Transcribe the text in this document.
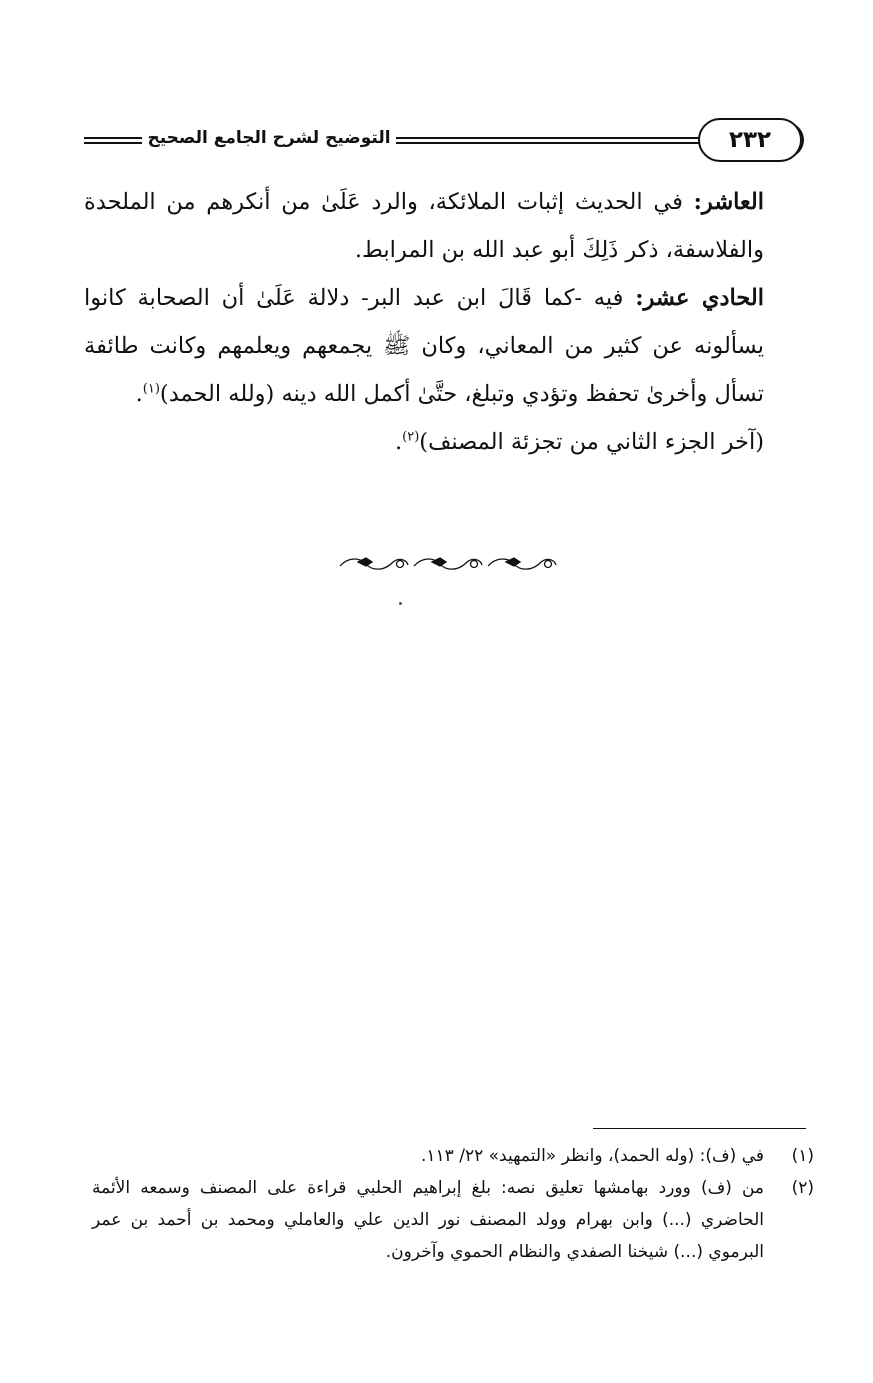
التوضيح لشرح الجامع الصحيح	٢٣٢

العاشر: في الحديث إثبات الملائكة، والرد عَلَىٰ من أنكرهم من الملحدة والفلاسفة، ذكر ذَلِكَ أبو عبد الله بن المرابط.

الحادي عشر: فيه -كما قَالَ ابن عبد البر- دلالة عَلَىٰ أن الصحابة كانوا يسألونه عن كثير من المعاني، وكان ﷺ يجمعهم ويعلمهم وكانت طائفة تسأل وأخرىٰ تحفظ وتؤدي وتبلغ، حتَّىٰ أكمل الله دينه (ولله الحمد)$^{(١)}$.

(آخر الجزء الثاني من تجزئة المصنف)$^{(٢)}$.

(١)
في (ف): (وله الحمد)، وانظر «التمهيد» ٢٢/ ١١٣.
(٢)
من (ف) وورد بهامشها تعليق نصه: بلغ إبراهيم الحلبي قراءة على المصنف وسمعه الأئمة الحاضري (...) وابن بهرام وولد المصنف نور الدين علي والعاملي ومحمد بن أحمد بن عمر البرموي (...) شيخنا الصفدي والنظام الحموي وآخرون.
